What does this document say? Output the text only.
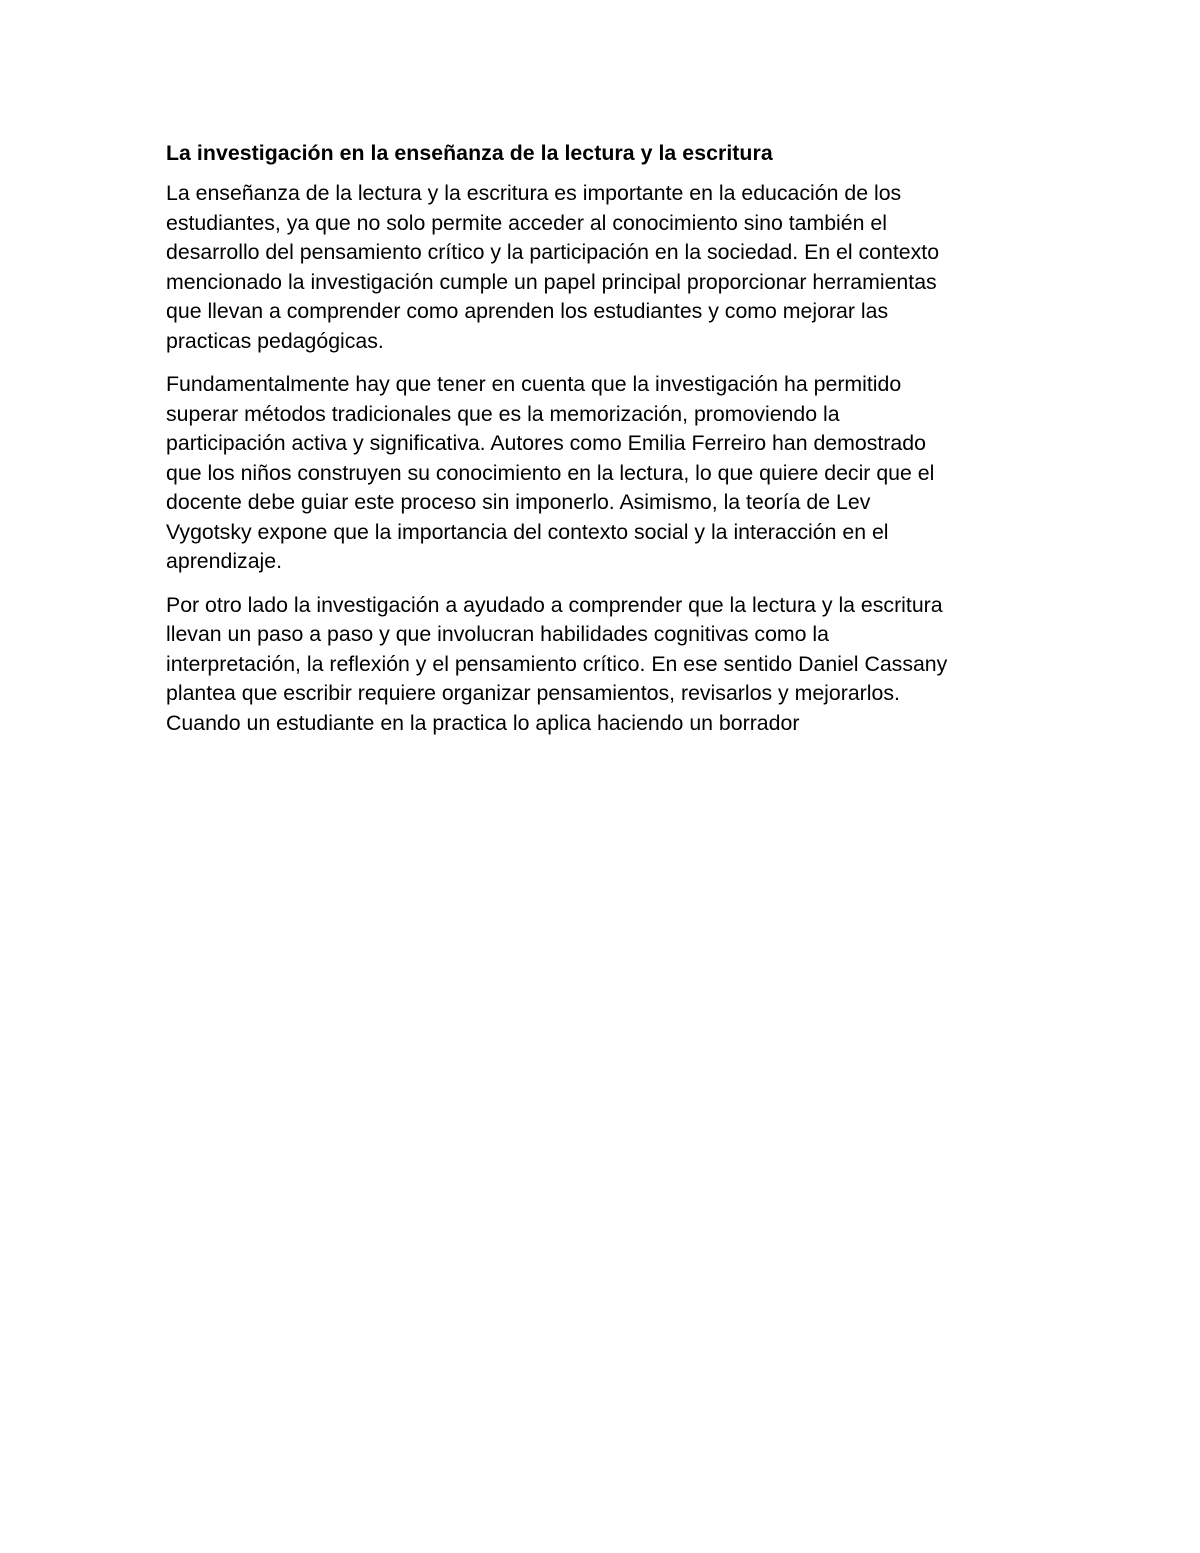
La investigación en la enseñanza de la lectura y la escritura
La enseñanza de la lectura y la escritura es importante en la educación de los
estudiantes, ya que no solo permite acceder al conocimiento sino también el
desarrollo del pensamiento crítico y la participación en la sociedad. En el contexto
mencionado la investigación cumple un papel principal proporcionar herramientas
que llevan a comprender como aprenden los estudiantes y como mejorar las
practicas pedagógicas.
Fundamentalmente hay que tener en cuenta que la investigación ha permitido
superar métodos tradicionales que es la memorización, promoviendo la
participación activa y significativa. Autores como Emilia Ferreiro han demostrado
que los niños construyen su conocimiento en la lectura, lo que quiere decir que el
docente debe guiar este proceso sin imponerlo. Asimismo, la teoría de Lev
Vygotsky expone que la importancia del contexto social y la interacción en el
aprendizaje.
Por otro lado la investigación a ayudado a comprender que la lectura y la escritura
llevan un paso a paso y que involucran habilidades cognitivas como la
interpretación, la reflexión y el pensamiento crítico. En ese sentido Daniel Cassany
plantea que escribir requiere organizar pensamientos, revisarlos y mejorarlos.
Cuando un estudiante en la practica lo aplica haciendo un borrador
